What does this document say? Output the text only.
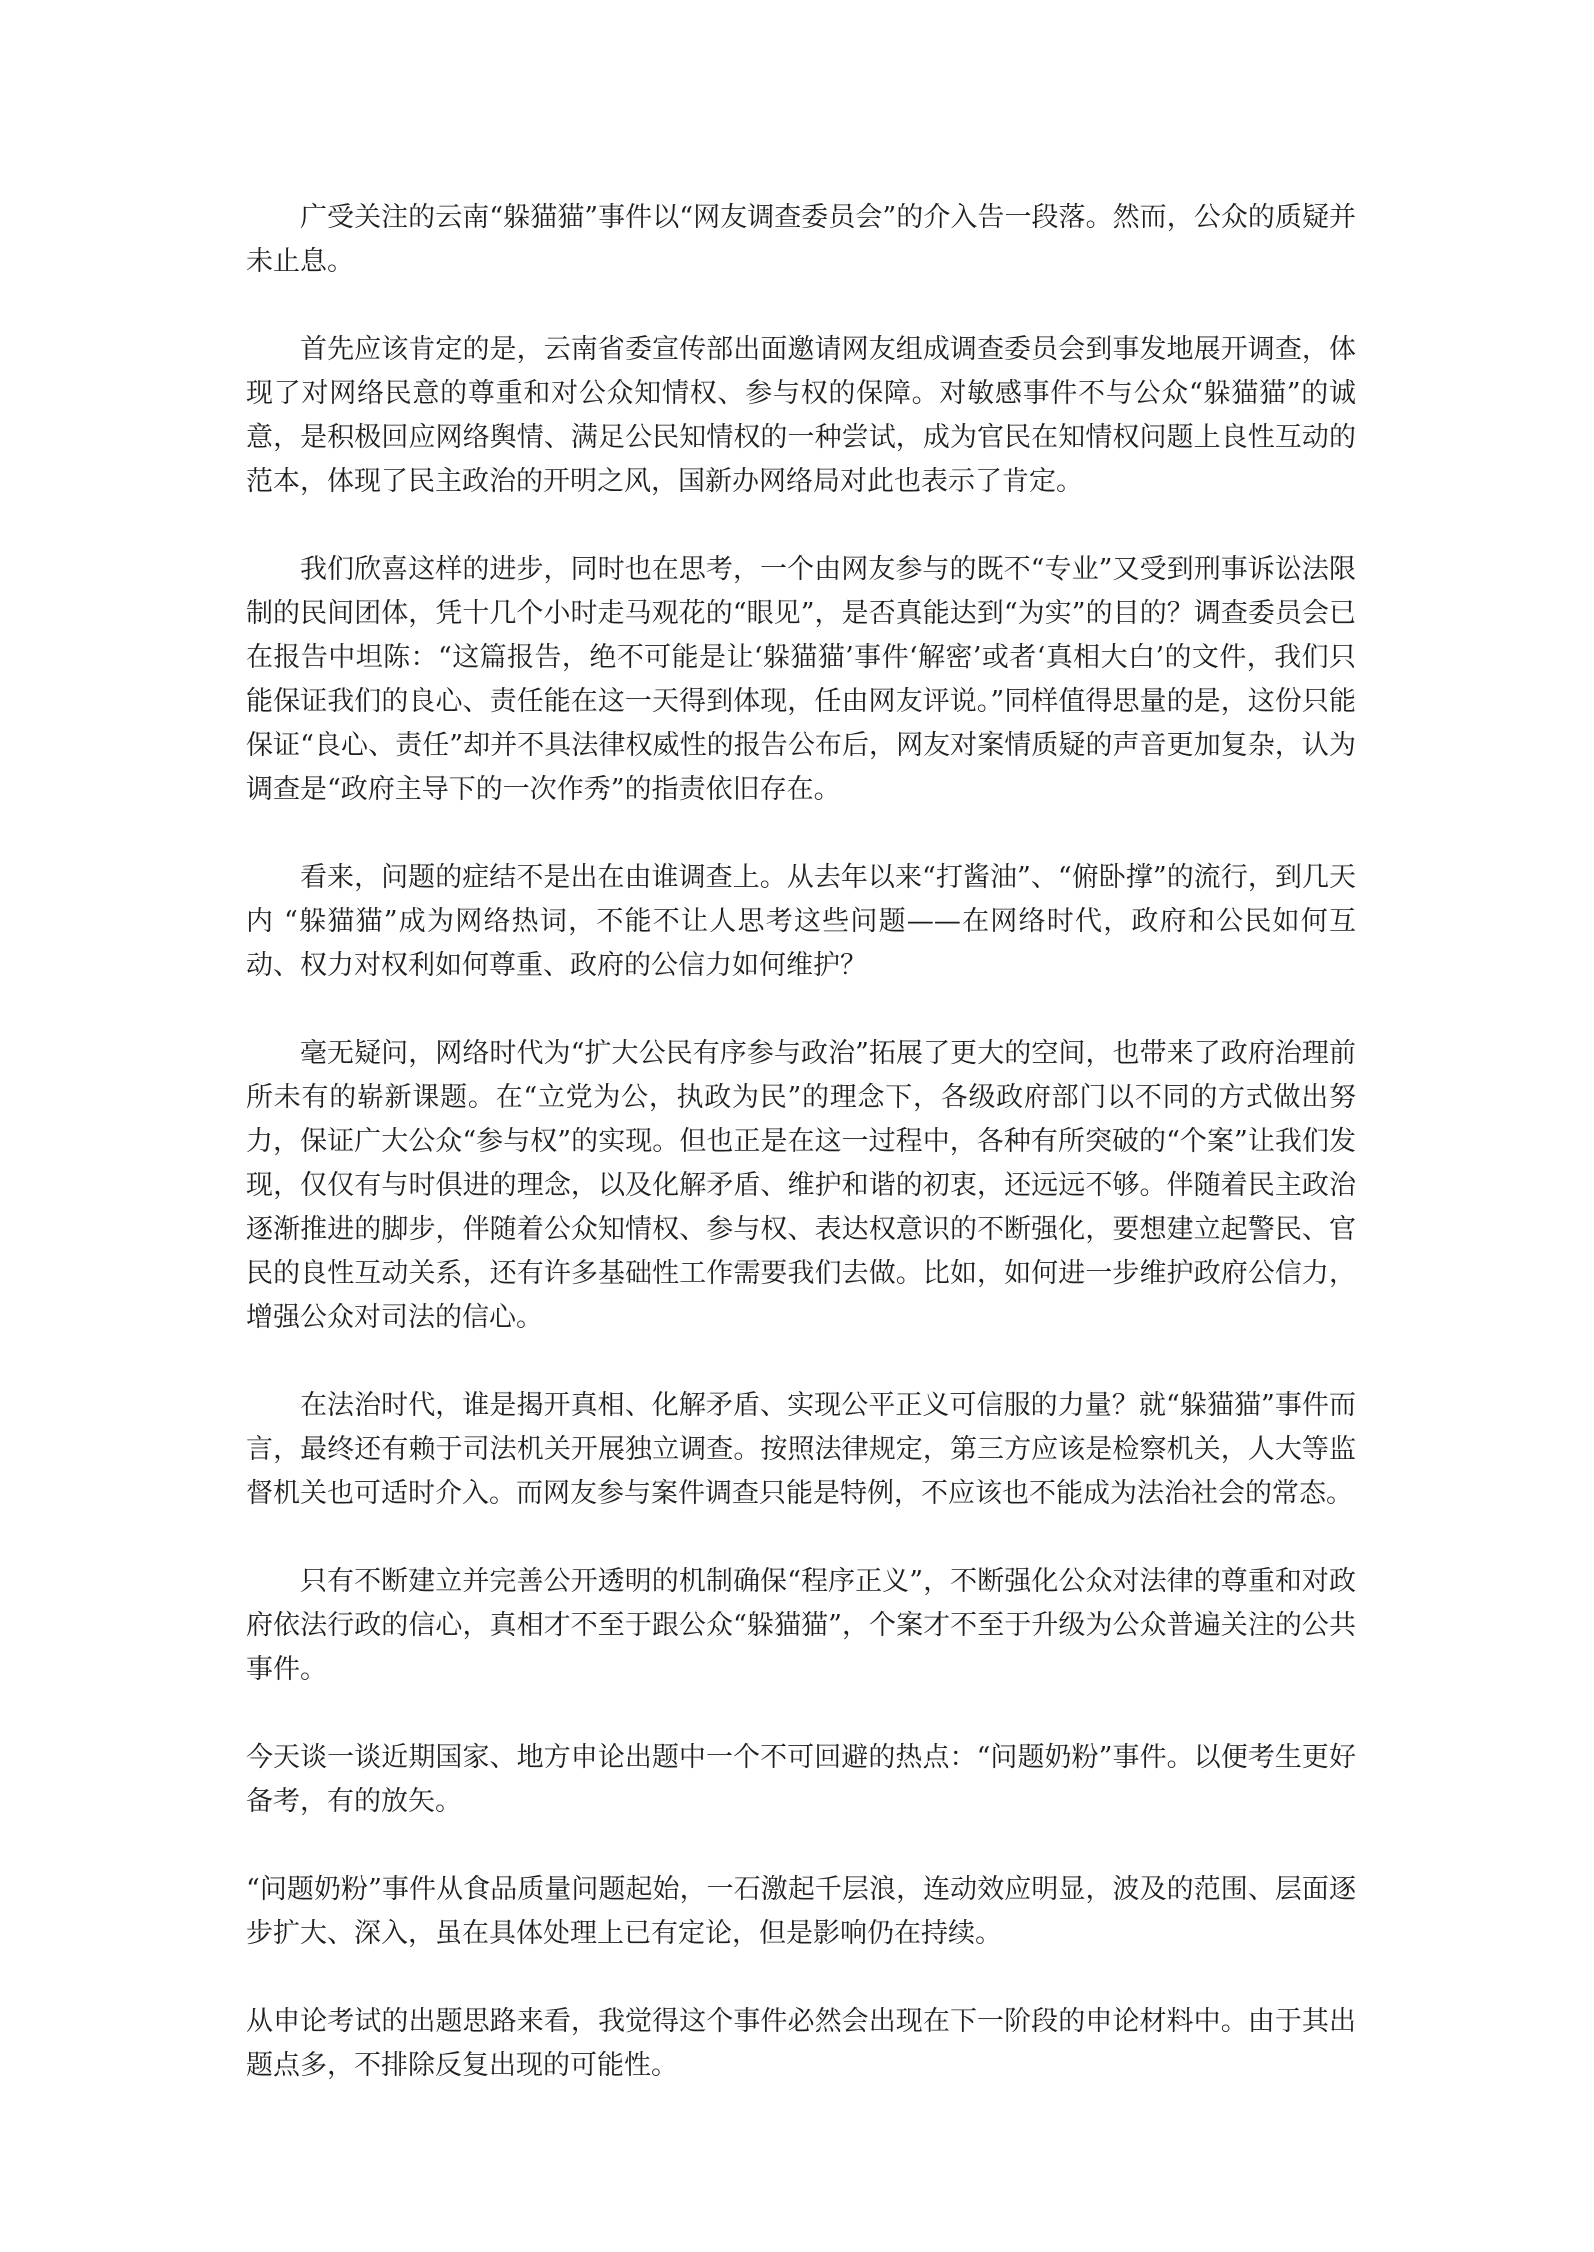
广受关注的云南“躲猫猫”事件以“网友调查委员会”的介入告一段落。然而，公众的质疑并未止息。

首先应该肯定的是，云南省委宣传部出面邀请网友组成调查委员会到事发地展开调查，体现了对网络民意的尊重和对公众知情权、参与权的保障。对敏感事件不与公众“躲猫猫”的诚意，是积极回应网络舆情、满足公民知情权的一种尝试，成为官民在知情权问题上良性互动的范本，体现了民主政治的开明之风，国新办网络局对此也表示了肯定。

我们欣喜这样的进步，同时也在思考，一个由网友参与的既不“专业”又受到刑事诉讼法限制的民间团体，凭十几个小时走马观花的“眼见”，是否真能达到“为实”的目的？调查委员会已在报告中坦陈：“这篇报告，绝不可能是让‘躲猫猫’事件‘解密’或者‘真相大白’的文件，我们只能保证我们的良心、责任能在这一天得到体现，任由网友评说。”同样值得思量的是，这份只能保证“良心、责任”却并不具法律权威性的报告公布后，网友对案情质疑的声音更加复杂，认为调查是“政府主导下的一次作秀”的指责依旧存在。

看来，问题的症结不是出在由谁调查上。从去年以来“打酱油”、“俯卧撑”的流行，到几天内 “躲猫猫”成为网络热词，不能不让人思考这些问题——在网络时代，政府和公民如何互动、权力对权利如何尊重、政府的公信力如何维护？

毫无疑问，网络时代为“扩大公民有序参与政治”拓展了更大的空间，也带来了政府治理前所未有的崭新课题。在“立党为公，执政为民”的理念下，各级政府部门以不同的方式做出努力，保证广大公众“参与权”的实现。但也正是在这一过程中，各种有所突破的“个案”让我们发现，仅仅有与时俱进的理念，以及化解矛盾、维护和谐的初衷，还远远不够。伴随着民主政治逐渐推进的脚步，伴随着公众知情权、参与权、表达权意识的不断强化，要想建立起警民、官民的良性互动关系，还有许多基础性工作需要我们去做。比如，如何进一步维护政府公信力，增强公众对司法的信心。

在法治时代，谁是揭开真相、化解矛盾、实现公平正义可信服的力量？就“躲猫猫”事件而言，最终还有赖于司法机关开展独立调查。按照法律规定，第三方应该是检察机关，人大等监督机关也可适时介入。而网友参与案件调查只能是特例，不应该也不能成为法治社会的常态。

只有不断建立并完善公开透明的机制确保“程序正义”，不断强化公众对法律的尊重和对政府依法行政的信心，真相才不至于跟公众“躲猫猫”，个案才不至于升级为公众普遍关注的公共事件。

今天谈一谈近期国家、地方申论出题中一个不可回避的热点：“问题奶粉”事件。以便考生更好备考，有的放矢。

“问题奶粉”事件从食品质量问题起始，一石激起千层浪，连动效应明显，波及的范围、层面逐步扩大、深入，虽在具体处理上已有定论，但是影响仍在持续。

从申论考试的出题思路来看，我觉得这个事件必然会出现在下一阶段的申论材料中。由于其出题点多，不排除反复出现的可能性。
